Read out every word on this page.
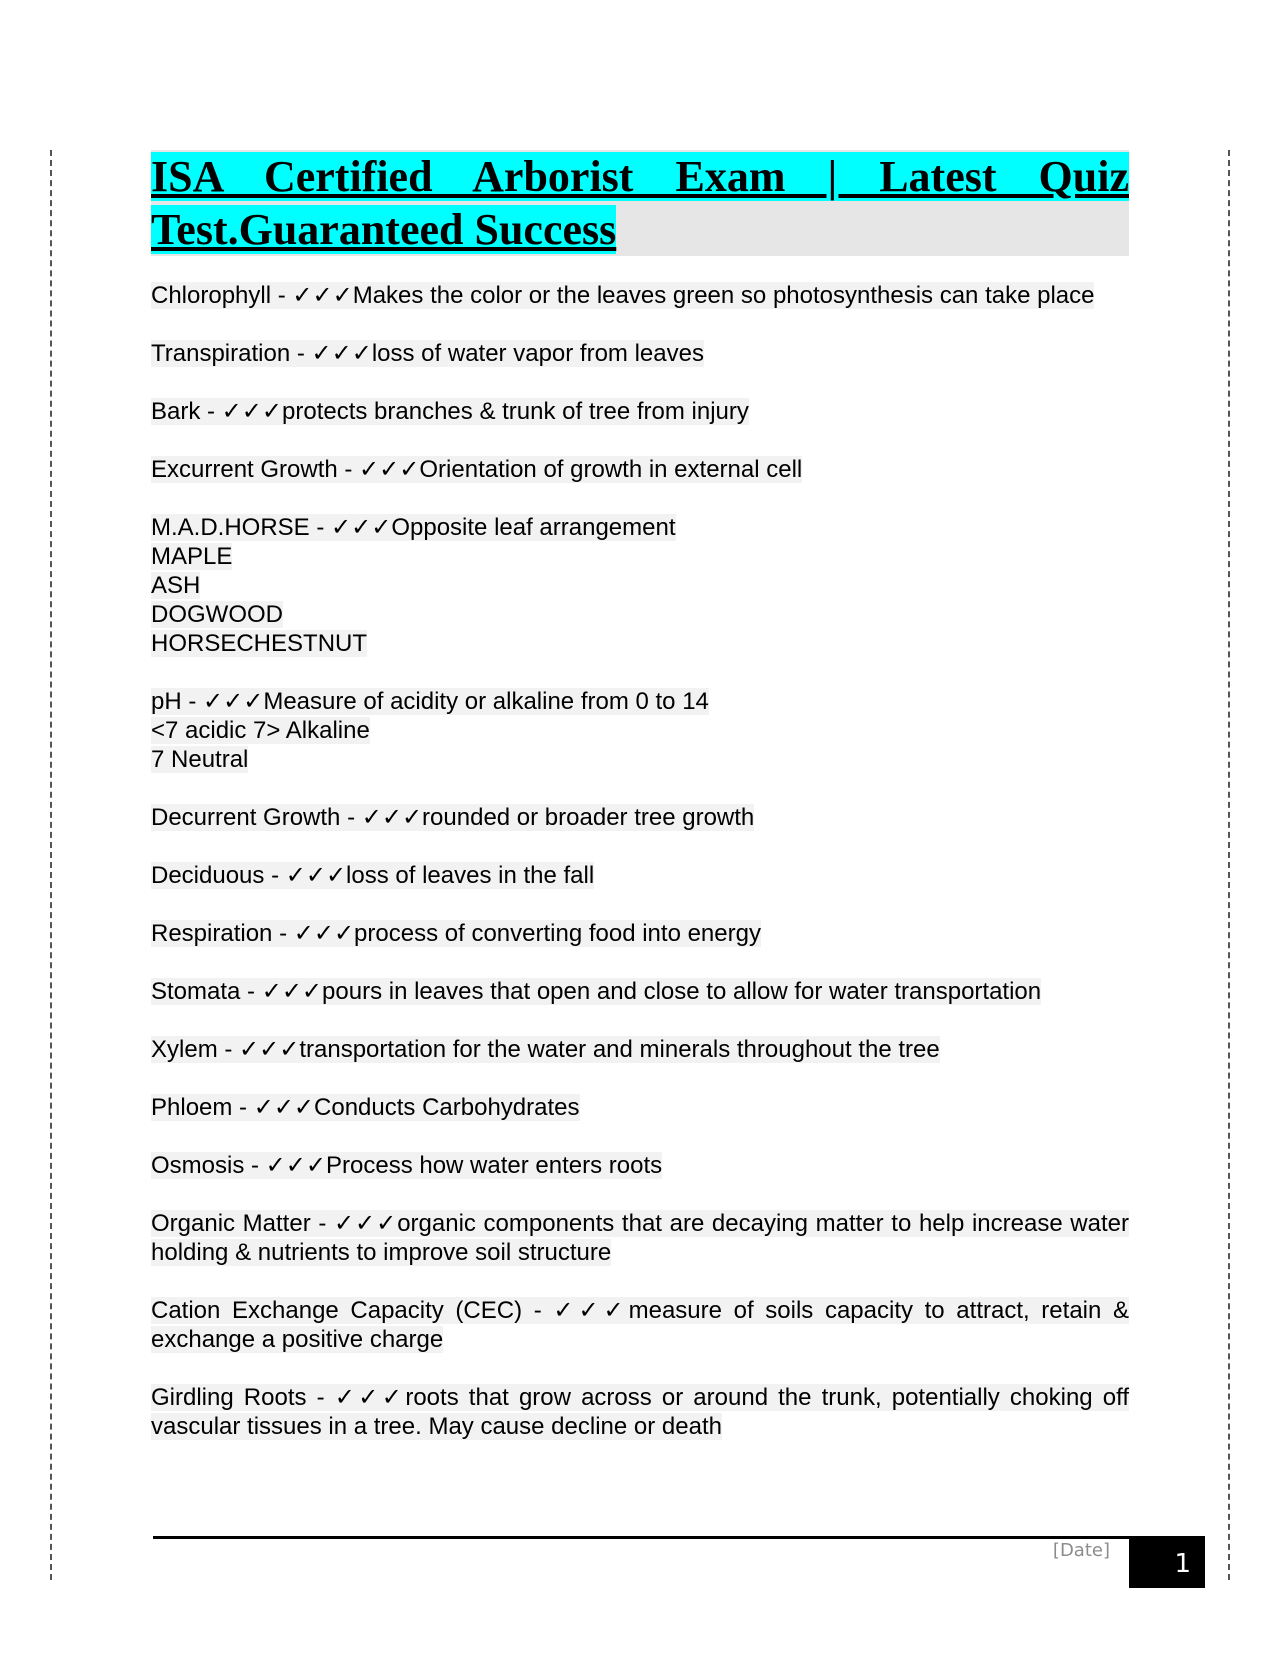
ISA Certified Arborist Exam | Latest Quiz Test.Guaranteed Success
Chlorophyll - ✓✓✓Makes the color or the leaves green so photosynthesis can take place
Transpiration - ✓✓✓loss of water vapor from leaves
Bark - ✓✓✓protects branches & trunk of tree from injury
Excurrent Growth - ✓✓✓Orientation of growth in external cell
M.A.D.HORSE - ✓✓✓Opposite leaf arrangement
MAPLE
ASH
DOGWOOD
HORSECHESTNUT
pH - ✓✓✓Measure of acidity or alkaline from 0 to 14
<7 acidic 7> Alkaline
7 Neutral
Decurrent Growth - ✓✓✓rounded or broader tree growth
Deciduous - ✓✓✓loss of leaves in the fall
Respiration - ✓✓✓process of converting food into energy
Stomata - ✓✓✓pours in leaves that open and close to allow for water transportation
Xylem - ✓✓✓transportation for the water and minerals throughout the tree
Phloem - ✓✓✓Conducts Carbohydrates
Osmosis - ✓✓✓Process how water enters roots
Organic Matter - ✓✓✓organic components that are decaying matter to help increase water holding & nutrients to improve soil structure
Cation Exchange Capacity (CEC) - ✓✓✓measure of soils capacity to attract, retain & exchange a positive charge
Girdling Roots - ✓✓✓roots that grow across or around the trunk, potentially choking off vascular tissues in a tree. May cause decline or death
[Date] 1
